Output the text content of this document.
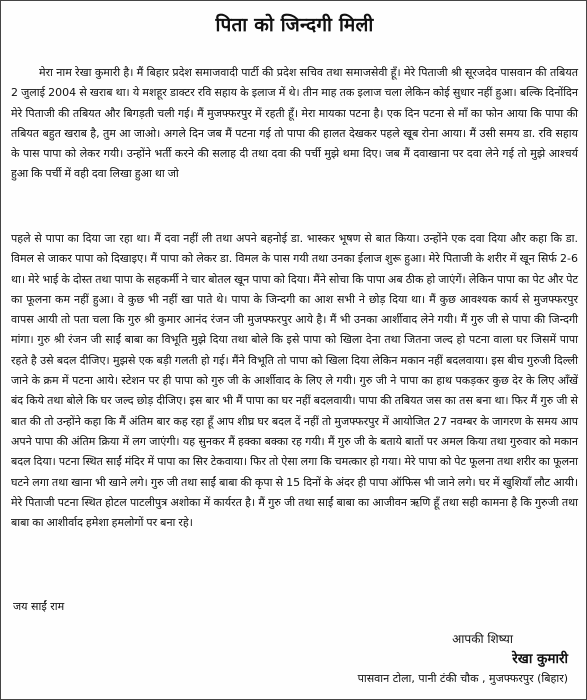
पिता को जिन्दगी मिली

मेरा नाम रेखा कुमारी है। मैं बिहार प्रदेश समाजवादी पार्टी की प्रदेश सचिव तथा समाजसेवी हूँ। मेरे पिताजी श्री सूरजदेव पासवान की तबियत 2 जुलाई 2004 से खराब था। ये मशहूर डाक्टर रवि सहाय के इलाज में थे। तीन माह तक इलाज चला लेकिन कोई सुधार नहीं हुआ। बल्कि दिनोंदिन मेरे पिताजी की तबियत और बिगड़ती चली गई। मैं मुजफ्फरपुर में रहती हूँ। मेरा मायका पटना है। एक दिन पटना से माँ का फोन आया कि पापा की तबियत बहुत खराब है, तुम आ जाओ। अगले दिन जब मैं पटना गई तो पापा की हालत देखकर पहले खूब रोना आया। मैं उसी समय डा. रवि सहाय के पास पापा को लेकर गयी। उन्होंने भर्ती करने की सलाह दी तथा दवा की पर्ची मुझे थमा दिए। जब मैं दवाखाना पर दवा लेने गई तो मुझे आश्चर्य हुआ कि पर्ची में वही दवा लिखा हुआ था जो

पहले से पापा का दिया जा रहा था। मैं दवा नहीं ली तथा अपने बहनोई डा. भास्कर भूषण से बात किया। उन्होंने एक दवा दिया और कहा कि डा. विमल से जाकर पापा को दिखाइए। मैं पापा को लेकर डा. विमल के पास गयी तथा उनका ईलाज शुरू हुआ। मेरे पिताजी के शरीर में खून सिर्फ 2-6 था। मेरे भाई के दोस्त तथा पापा के सहकर्मी ने चार बोतल खून पापा को दिया। मैंने सोचा कि पापा अब ठीक हो जाएंगें। लेकिन पापा का पेट और पेट का फूलना कम नहीं हुआ। वे कुछ भी नहीं खा पाते थे। पापा के जिन्दगी का आश सभी ने छोड़ दिया था। मैं कुछ आवश्यक कार्य से मुजफ्फरपुर वापस आयी तो पता चला कि गुरु श्री कुमार आनंद रंजन जी मुजफ्फरपुर आये है। मैं भी उनका आर्शीवाद लेने गयी। मैं गुरु जी से पापा की जिन्दगी मांगा। गुरु श्री रंजन जी साईं बाबा का विभूति मुझे दिया तथा बोले कि इसे पापा को खिला देना तथा जितना जल्द हो पटना वाला घर जिसमें पापा रहते है उसे बदल दीजिए। मुझसे एक बड़ी गलती हो गई। मैंने विभूति तो पापा को खिला दिया लेकिन मकान नहीं बदलवाया। इस बीच गुरुजी दिल्ली जाने के क्रम में पटना आये। स्टेशन पर ही पापा को गुरु जी के आर्शीवाद के लिए ले गयी। गुरु जी ने पापा का हाथ पकड़कर कुछ देर के लिए आँखें बंद किये तथा बोले कि घर जल्द छोड़ दीजिए। इस बार भी मैं पापा का घर नहीं बदलवायी। पापा की तबियत जस का तस बना था। फिर मैं गुरु जी से बात की तो उन्होंने कहा कि मैं अंतिम बार कह रहा हूँ आप शीघ्र घर बदल दें नहीं तो मुजफ्फरपुर में आयोजित 27 नवम्बर के जागरण के समय आप अपने पापा की अंतिम क्रिया में लग जाएंगी। यह सुनकर मैं हक्का बक्का रह गयी। मैं गुरु जी के बताये बातों पर अमल किया तथा गुरुवार को मकान बदल दिया। पटना स्थित साईं मंदिर में पापा का सिर टेकवाया। फिर तो ऐसा लगा कि चमत्कार हो गया। मेरे पापा को पेट फूलना तथा शरीर का फूलना घटने लगा तथा खाना भी खाने लगे। गुरु जी तथा साईं बाबा की कृपा से 15 दिनों के अंदर ही पापा ऑफिस भी जाने लगे। घर में खुशियाँ लौट आयी। मेरे पिताजी पटना स्थित होटल पाटलीपुत्र अशोका में कार्यरत है। मैं गुरु जी तथा साईं बाबा का आजीवन ऋणि हूँ तथा सही कामना है कि गुरुजी तथा बाबा का आशीर्वाद हमेशा हमलोगों पर बना रहे।

जय साईं राम
आपकी शिष्या
रेखा कुमारी
पासवान टोला, पानी टंकी चौक , मुजफ्फरपुर (बिहार)
